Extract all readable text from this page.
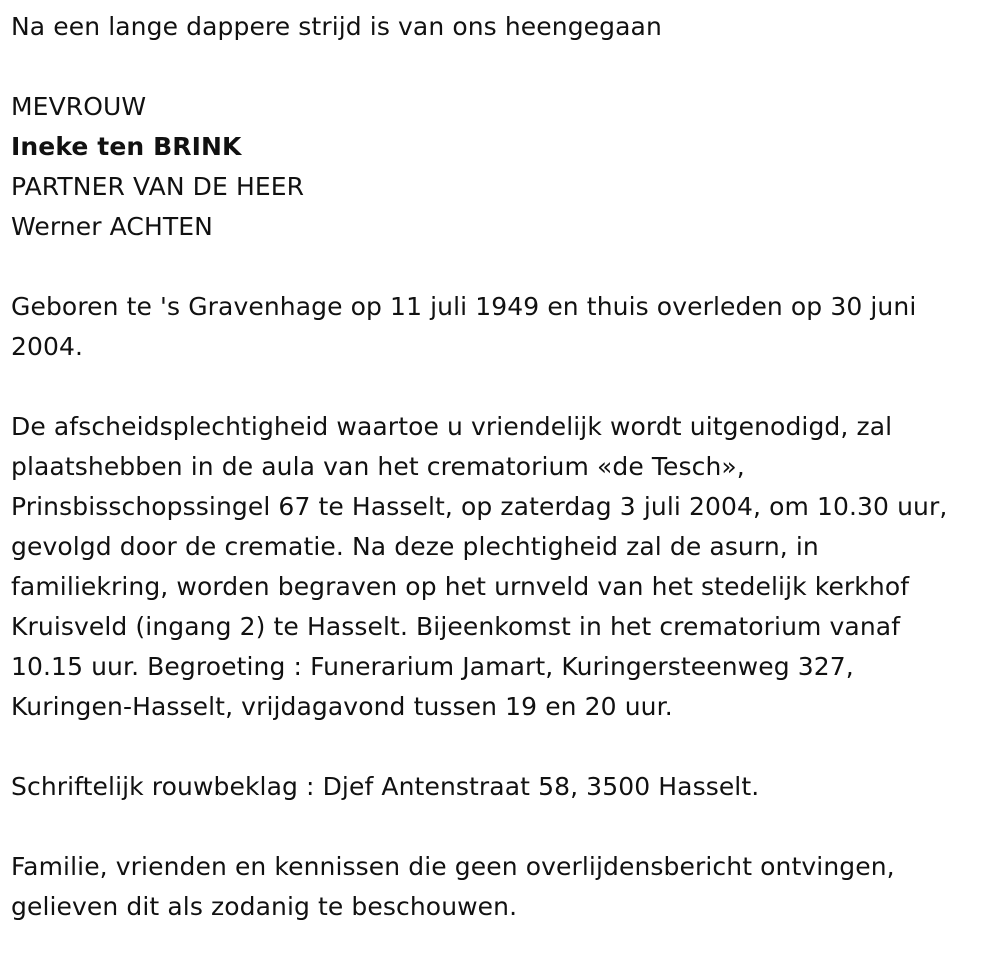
Na een lange dappere strijd is van ons heengegaan

MEVROUW

Ineke ten BRINK

PARTNER VAN DE HEER

Werner ACHTEN

Geboren te 's Gravenhage op 11 juli 1949 en thuis overleden op 30 juni
2004.
De afscheidsplechtigheid waartoe u vriendelijk wordt uitgenodigd, zal
plaatshebben in de aula van het crematorium «de Tesch»,
Prinsbisschopssingel 67 te Hasselt, op zaterdag 3 juli 2004, om 10.30 uur,
gevolgd door de crematie. Na deze plechtigheid zal de asurn, in
familiekring, worden begraven op het urnveld van het stedelijk kerkhof
Kruisveld (ingang 2) te Hasselt. Bijeenkomst in het crematorium vanaf
10.15 uur. Begroeting : Funerarium Jamart, Kuringersteenweg 327,
Kuringen-Hasselt, vrijdagavond tussen 19 en 20 uur.

Schriftelijk rouwbeklag : Djef Antenstraat 58, 3500 Hasselt.

Familie, vrienden en kennissen die geen overlijdensbericht ontvingen,
gelieven dit als zodanig te beschouwen.
